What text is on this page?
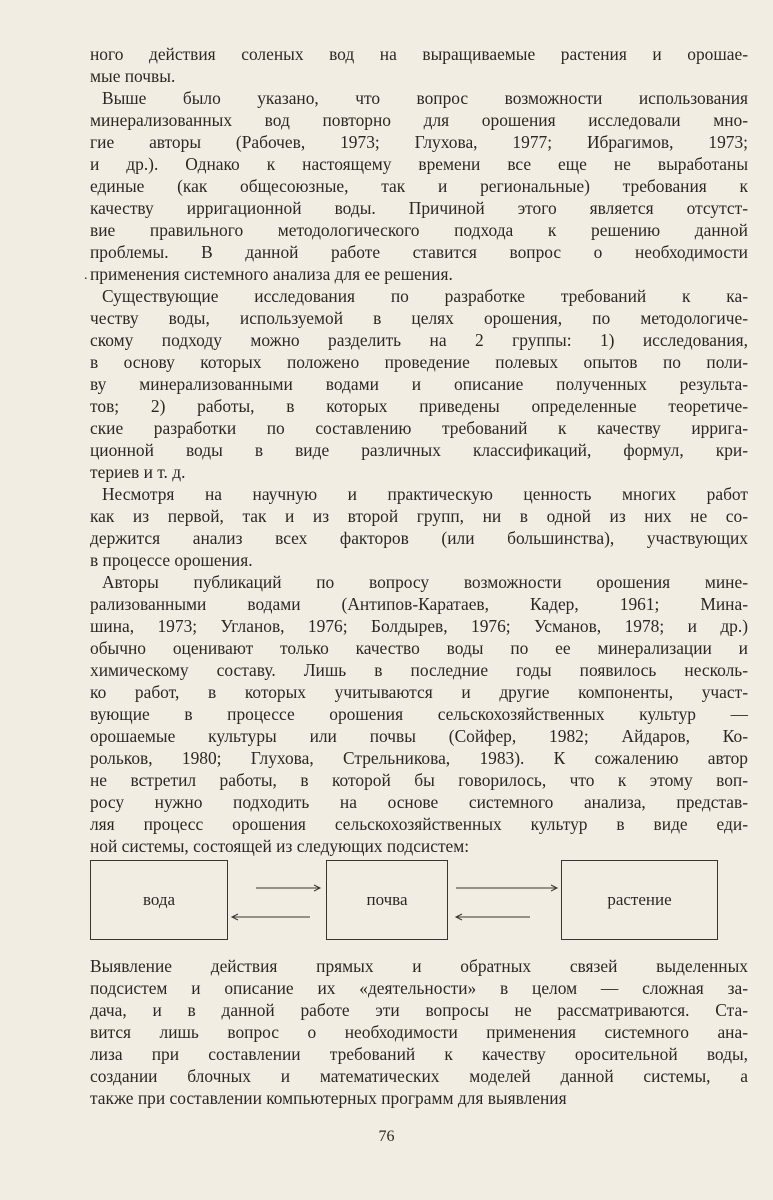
ного действия соленых вод на выращиваемые растения и орошае-
мые почвы.
Выше было указано, что вопрос возможности использования
минерализованных вод повторно для орошения исследовали мно-
гие авторы (Рабочев, 1973; Глухова, 1977; Ибрагимов, 1973;
и др.). Однако к настоящему времени все еще не выработаны
единые (как общесоюзные, так и региональные) требования к
качеству ирригационной воды. Причиной этого является отсутст-
вие правильного методологического подхода к решению данной
проблемы. В данной работе ставится вопрос о необходимости
применения системного анализа для ее решения.
Существующие исследования по разработке требований к ка-
честву воды, используемой в целях орошения, по методологиче-
скому подходу можно разделить на 2 группы: 1) исследования,
в основу которых положено проведение полевых опытов по поли-
ву минерализованными водами и описание полученных результа-
тов; 2) работы, в которых приведены определенные теоретиче-
ские разработки по составлению требований к качеству ирригa-
ционной воды в виде различных классификаций, формул, кри-
териев и т. д.
Несмотря на научную и практическую ценность многих работ
как из первой, так и из второй групп, ни в одной из них не со-
держится анализ всех факторов (или большинства), участвующих
в процессе орошения.
Авторы публикаций по вопросу возможности орошения мине-
рализованными водами (Антипов-Каратаев, Кадер, 1961; Мина-
шина, 1973; Угланов, 1976; Болдырев, 1976; Усманов, 1978; и др.)
обычно оценивают только качество воды по ее минерализации и
химическому составу. Лишь в последние годы появилось несколь-
ко работ, в которых учитываются и другие компоненты, участ-
вующие в процессе орошения сельскохозяйственных культур —
орошаемые культуры или почвы (Сойфер, 1982; Айдаров, Ко-
рольков, 1980; Глухова, Стрельникова, 1983). К сожалению автор
не встретил работы, в которой бы говорилось, что к этому воп-
росу нужно подходить на основе системного анализа, представ-
ляя процесс орошения сельскохозяйственных культур в виде еди-
ной системы, состоящей из следующих подсистем:
.
вода	почва	растение
Выявление действия прямых и обратных связей выделенных
подсистем и описание их «деятельности» в целом — сложная за-
дача, и в данной работе эти вопросы не рассматриваются. Ста-
вится лишь вопрос о необходимости применения системного ана-
лиза при составлении требований к качеству оросительной воды,
создании блочных и математических моделей данной системы, а
также при составлении компьютерных программ для выявления
76
